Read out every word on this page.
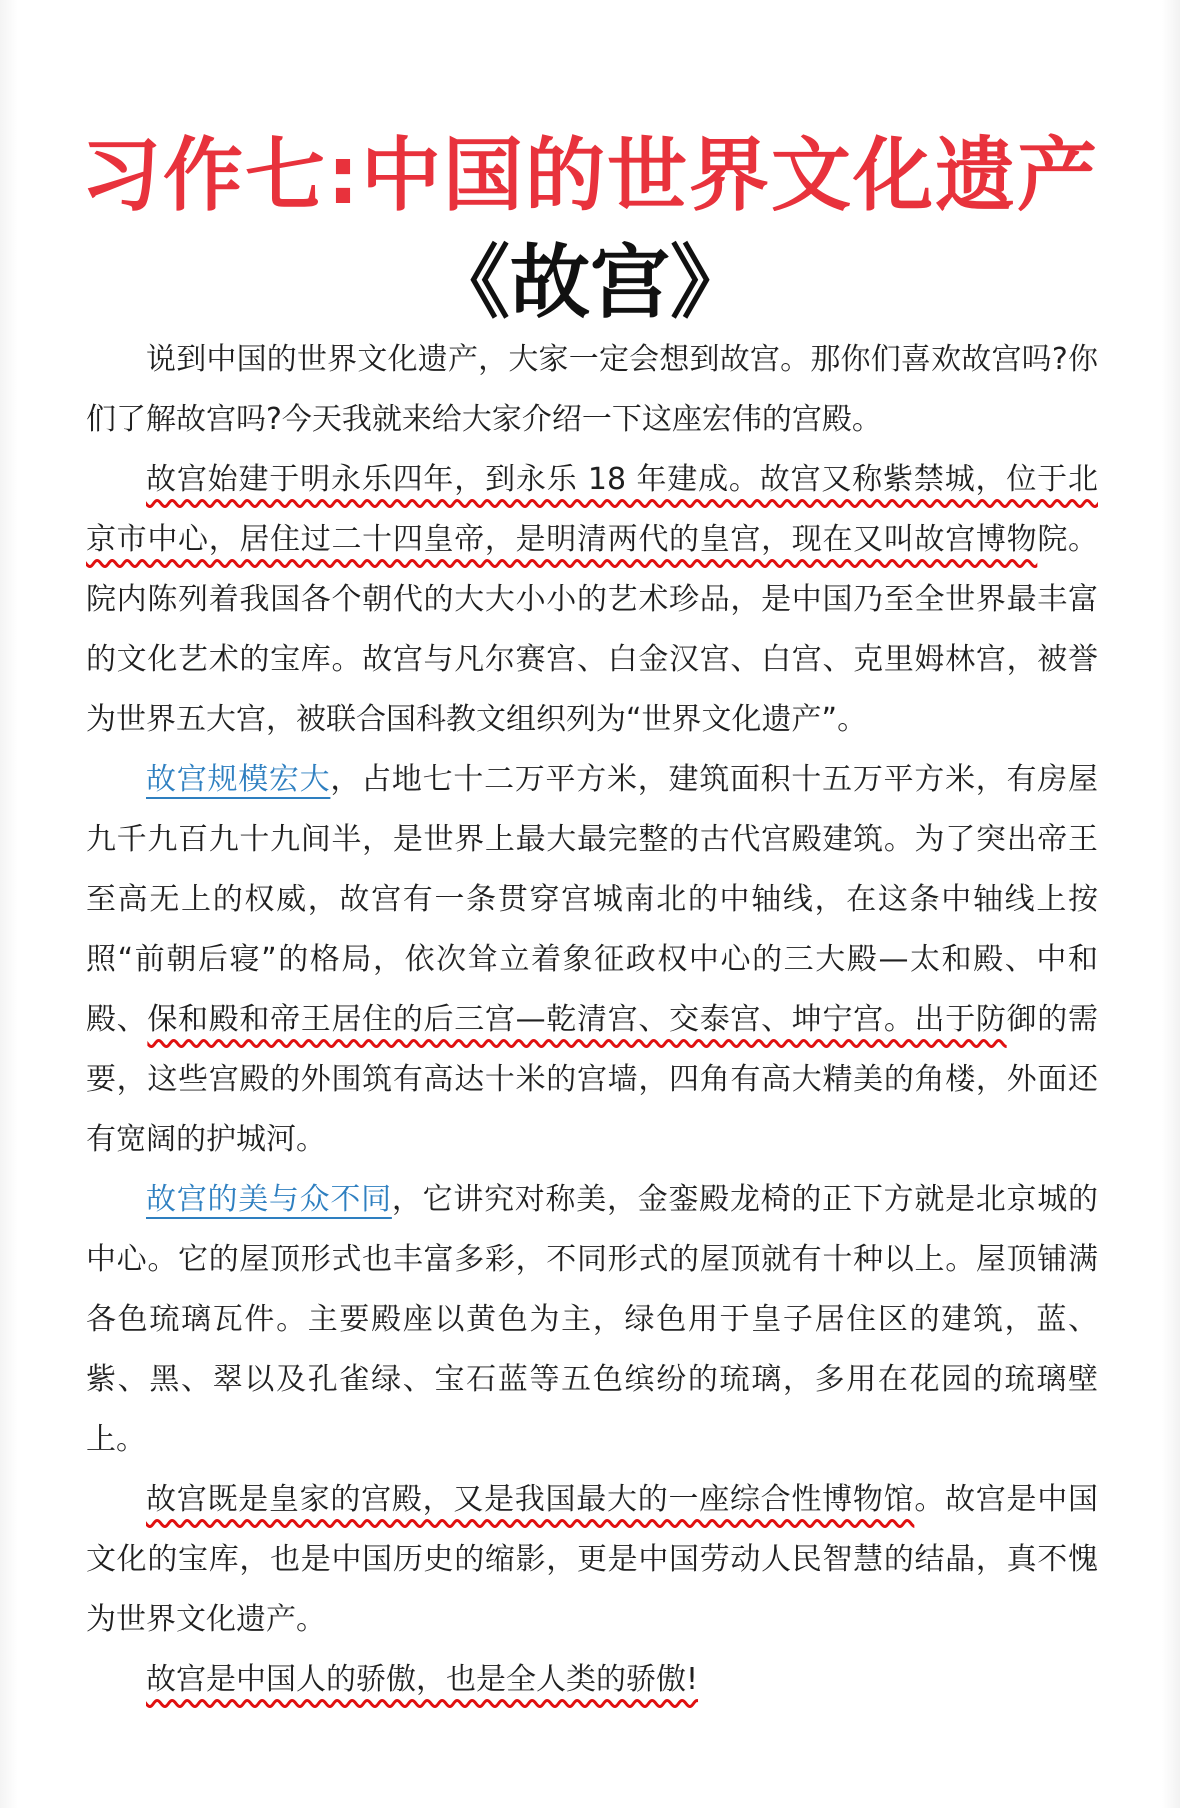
习作七:中国的世界文化遗产
《故宫》

说到中国的世界文化遗产，大家一定会想到故宫。那你们喜欢故宫吗?你们了解故宫吗?今天我就来给大家介绍一下这座宏伟的宫殿。

故宫始建于明永乐四年，到永乐 18 年建成。故宫又称紫禁城，位于北京市中心，居住过二十四皇帝，是明清两代的皇宫，现在又叫故宫博物院。院内陈列着我国各个朝代的大大小小的艺术珍品，是中国乃至全世界最丰富的文化艺术的宝库。故宫与凡尔赛宫、白金汉宫、白宫、克里姆林宫，被誉为世界五大宫，被联合国科教文组织列为“世界文化遗产”。

故宫规模宏大，占地七十二万平方米，建筑面积十五万平方米，有房屋九千九百九十九间半，是世界上最大最完整的古代宫殿建筑。为了突出帝王至高无上的权威，故宫有一条贯穿宫城南北的中轴线，在这条中轴线上按照“前朝后寝”的格局，依次耸立着象征政权中心的三大殿—太和殿、中和殿、保和殿和帝王居住的后三宫—乾清宫、交泰宫、坤宁宫。出于防御的需要，这些宫殿的外围筑有高达十米的宫墙，四角有高大精美的角楼，外面还有宽阔的护城河。

故宫的美与众不同，它讲究对称美，金銮殿龙椅的正下方就是北京城的中心。它的屋顶形式也丰富多彩，不同形式的屋顶就有十种以上。屋顶铺满各色琉璃瓦件。主要殿座以黄色为主，绿色用于皇子居住区的建筑，蓝、紫、黑、翠以及孔雀绿、宝石蓝等五色缤纷的琉璃，多用在花园的琉璃壁上。

故宫既是皇家的宫殿，又是我国最大的一座综合性博物馆。故宫是中国文化的宝库，也是中国历史的缩影，更是中国劳动人民智慧的结晶，真不愧为世界文化遗产。

故宫是中国人的骄傲，也是全人类的骄傲!
